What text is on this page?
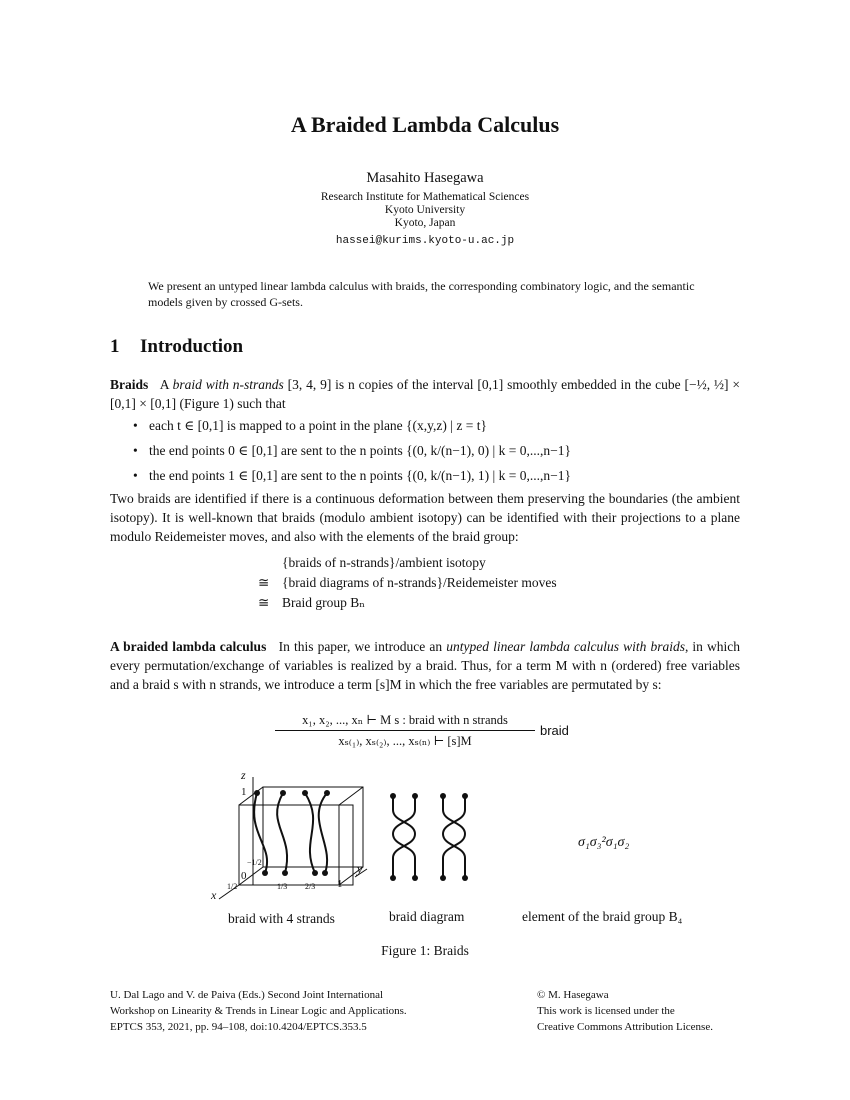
A Braided Lambda Calculus
Masahito Hasegawa
Research Institute for Mathematical Sciences
Kyoto University
Kyoto, Japan
hassei@kurims.kyoto-u.ac.jp
We present an untyped linear lambda calculus with braids, the corresponding combinatory logic, and the semantic models given by crossed G-sets.
1 Introduction
Braids A braid with n-strands [3, 4, 9] is n copies of the interval [0,1] smoothly embedded in the cube [−½, ½] × [0,1] × [0,1] (Figure 1) such that
• each t ∈ [0,1] is mapped to a point in the plane {(x,y,z) | z = t}
• the end points 0 ∈ [0,1] are sent to the n points {(0, k/(n−1), 0) | k = 0,...,n−1}
• the end points 1 ∈ [0,1] are sent to the n points {(0, k/(n−1), 1) | k = 0,...,n−1}
Two braids are identified if there is a continuous deformation between them preserving the boundaries (the ambient isotopy). It is well-known that braids (modulo ambient isotopy) can be identified with their projections to a plane modulo Reidemeister moves, and also with the elements of the braid group:
{braids of n-strands}/ambient isotopy
≅ {braid diagrams of n-strands}/Reidemeister moves
≅ Braid group Bₙ
A braided lambda calculus In this paper, we introduce an untyped linear lambda calculus with braids, in which every permutation/exchange of variables is realized by a braid. Thus, for a term M with n (ordered) free variables and a braid s with n strands, we introduce a term [s]M in which the free variables are permutated by s:
x₁, x₂, ..., xₙ ⊢ M s : braid with n strands
xₛ₍₁₎, xₛ₍₂₎, ..., xₛ₍ₙ₎ ⊢ [s]M
braid
z
y
x
1
0
1/2
−1/2
1/3 2/3 1
σ₁σ₃²σ₁σ₂
braid with 4 strands	braid diagram	element of the braid group B₄
Figure 1: Braids
U. Dal Lago and V. de Paiva (Eds.) Second Joint International
Workshop on Linearity & Trends in Linear Logic and Applications.
EPTCS 353, 2021, pp. 94–108, doi:10.4204/EPTCS.353.5
© M. Hasegawa
This work is licensed under the
Creative Commons Attribution License.
